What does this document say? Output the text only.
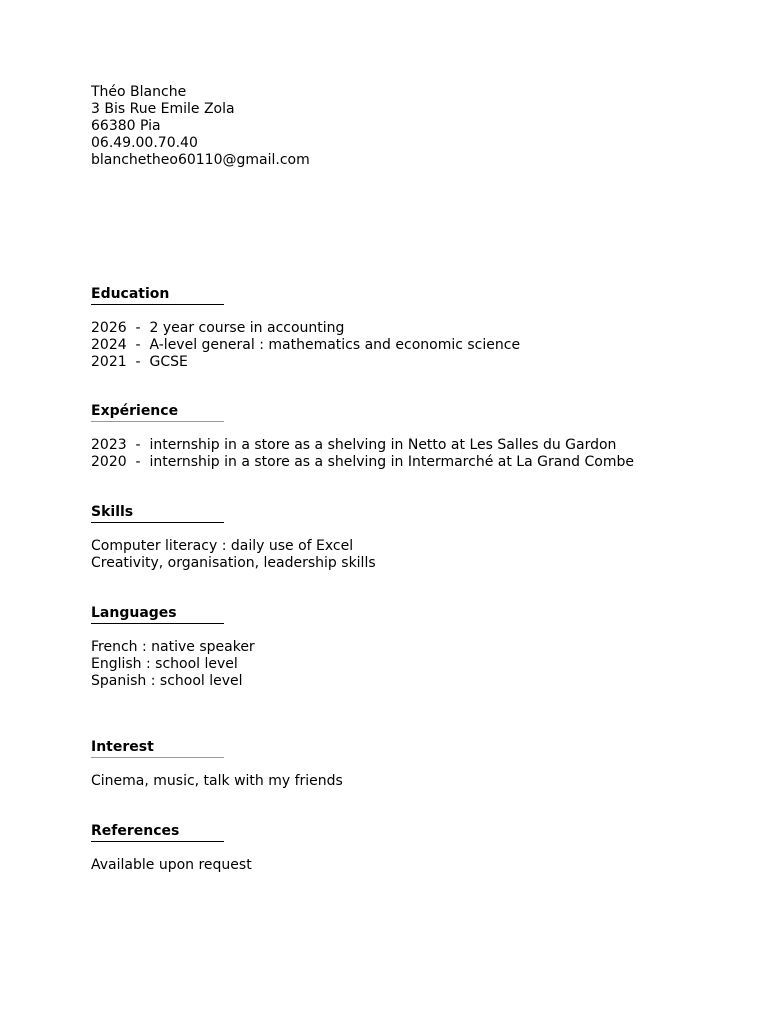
Théo Blanche
3 Bis Rue Emile Zola
66380 Pia
06.49.00.70.40
blanchetheo60110@gmail.com
Education
2026  -  2 year course in accounting
2024  -  A-level general : mathematics and economic science
2021  -  GCSE
Expérience
2023  -  internship in a store as a shelving in Netto at Les Salles du Gardon
2020  -  internship in a store as a shelving in Intermarché at La Grand Combe
Skills
Computer literacy : daily use of Excel
Creativity, organisation, leadership skills
Languages
French : native speaker
English : school level
Spanish : school level
Interest
Cinema, music, talk with my friends
References
Available upon request
